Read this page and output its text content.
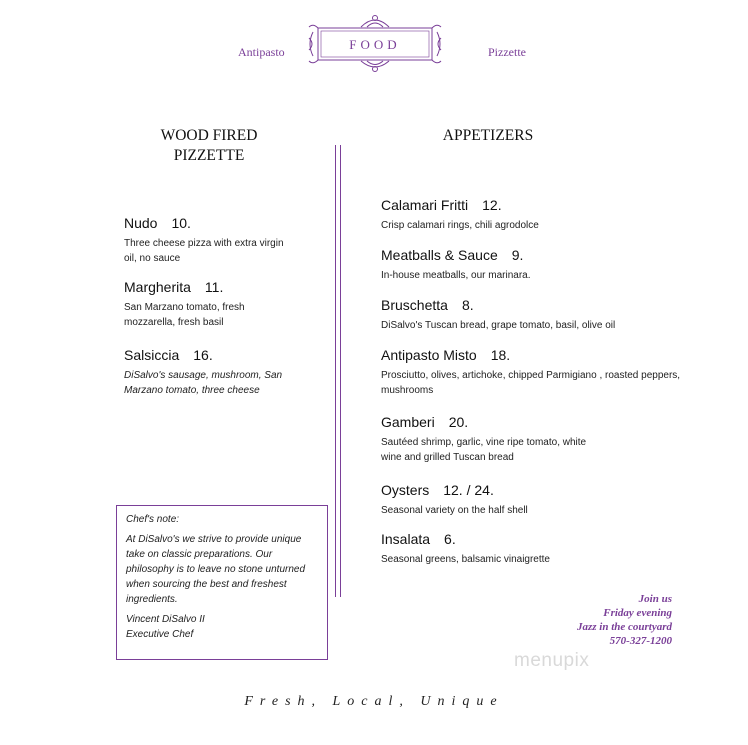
Antipasto	Pizzette
FOOD
WOOD FIRED
PIZZETTE
APPETIZERS
Nudo 10.
Three cheese pizza with extra virgin oil, no sauce
Margherita 11.
San Marzano tomato, fresh mozzarella, fresh basil
Salsiccia 16.
DiSalvo's sausage, mushroom, San Marzano tomato, three cheese
Calamari Fritti 12.
Crisp calamari rings, chili agrodolce
Meatballs & Sauce 9.
In-house meatballs, our marinara.
Bruschetta 8.
DiSalvo's Tuscan bread, grape tomato, basil, olive oil
Antipasto Misto 18.
Prosciutto, olives, artichoke, chipped Parmigiano , roasted peppers, mushrooms
Gamberi 20.
Sautéed shrimp, garlic, vine ripe tomato, white wine and grilled Tuscan bread
Oysters 12. / 24.
Seasonal variety on the half shell
Insalata 6.
Seasonal greens, balsamic vinaigrette

Chef's note:

At DiSalvo's we strive to provide unique take on classic preparations. Our philosophy is to leave no stone unturned when sourcing the best and freshest ingredients.

Vincent DiSalvo II

Executive Chef

Join us
Friday evening
Jazz in the courtyard
570-327-1200
menupix
Fresh, Local, Unique
